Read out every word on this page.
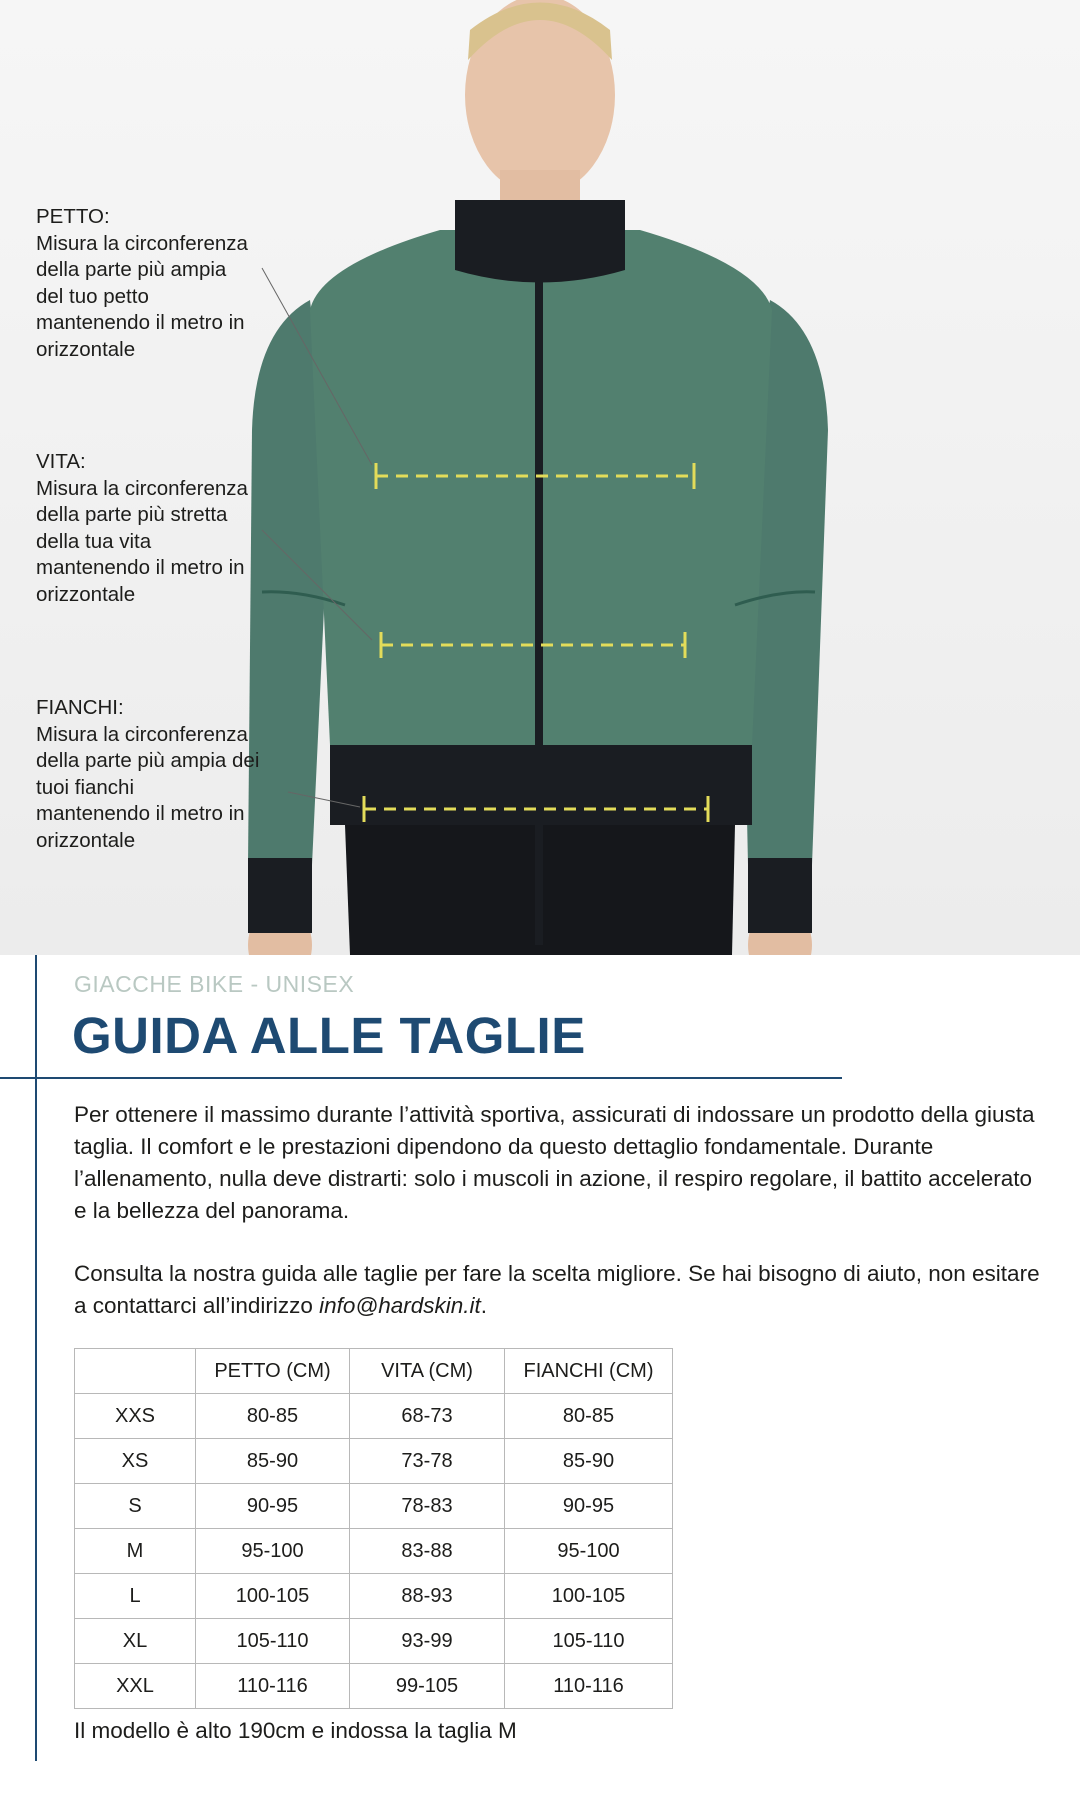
PETTO:
Misura la circonferenza
della parte più ampia
del tuo petto
mantenendo il metro in
orizzontale
VITA:
Misura la circonferenza
della parte più stretta
della tua vita
mantenendo il metro in
orizzontale
FIANCHI:
Misura la circonferenza
della parte più ampia dei
tuoi fianchi
mantenendo il metro in
orizzontale
GIACCHE BIKE - UNISEX
GUIDA ALLE TAGLIE

Per ottenere il massimo durante l’attività sportiva, assicurati di indossare un prodotto della giusta taglia. Il comfort e le prestazioni dipendono da questo dettaglio fondamentale. Durante l’allenamento, nulla deve distrarti: solo i muscoli in azione, il respiro regolare, il battito accelerato e la bellezza del panorama.

Consulta la nostra guida alle taglie per fare la scelta migliore. Se hai bisogno di aiuto, non esitare a contattarci all’indirizzo info@hardskin.it.

	PETTO (CM)	VITA (CM)	FIANCHI (CM)
XXS	80-85	68-73	80-85
XS	85-90	73-78	85-90
S	90-95	78-83	90-95
M	95-100	83-88	95-100
L	100-105	88-93	100-105
XL	105-110	93-99	105-110
XXL	110-116	99-105	110-116
Il modello è alto 190cm e indossa la taglia M
